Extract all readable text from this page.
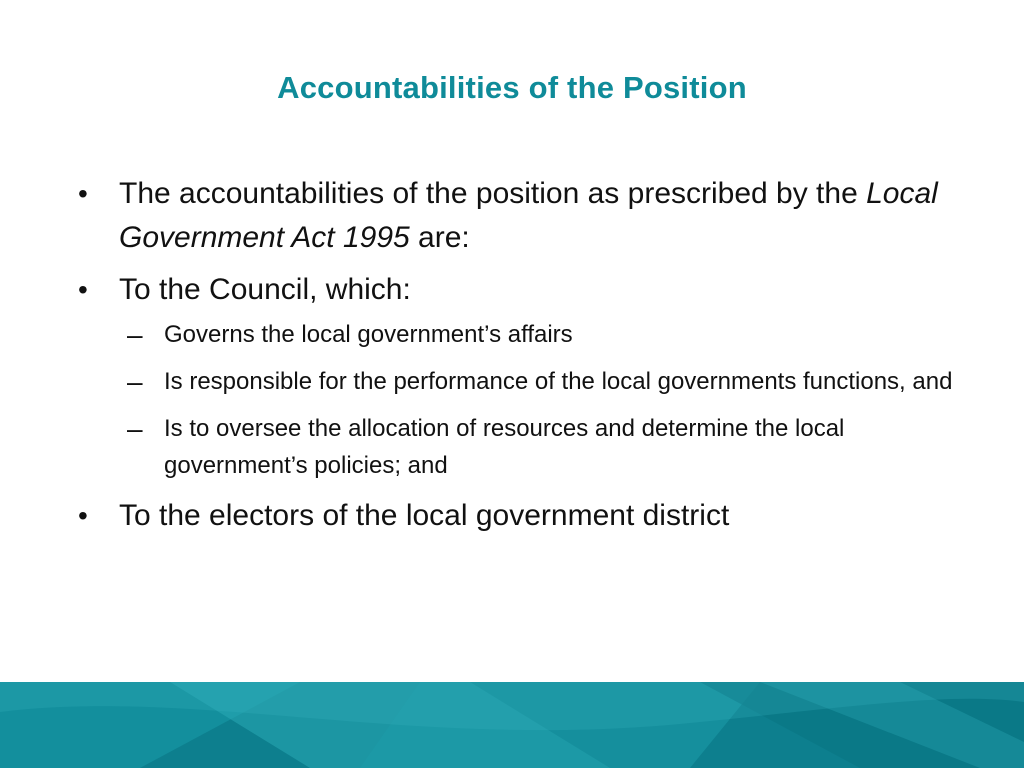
Accountabilities of the Position
• The accountabilities of the position as prescribed by the Local Government Act 1995 are:
• To the Council, which:
– Governs the local government’s affairs
– Is responsible for the performance of the local governments functions, and
– Is to oversee the allocation of resources and determine the local government’s policies; and
• To the electors of the local government district
